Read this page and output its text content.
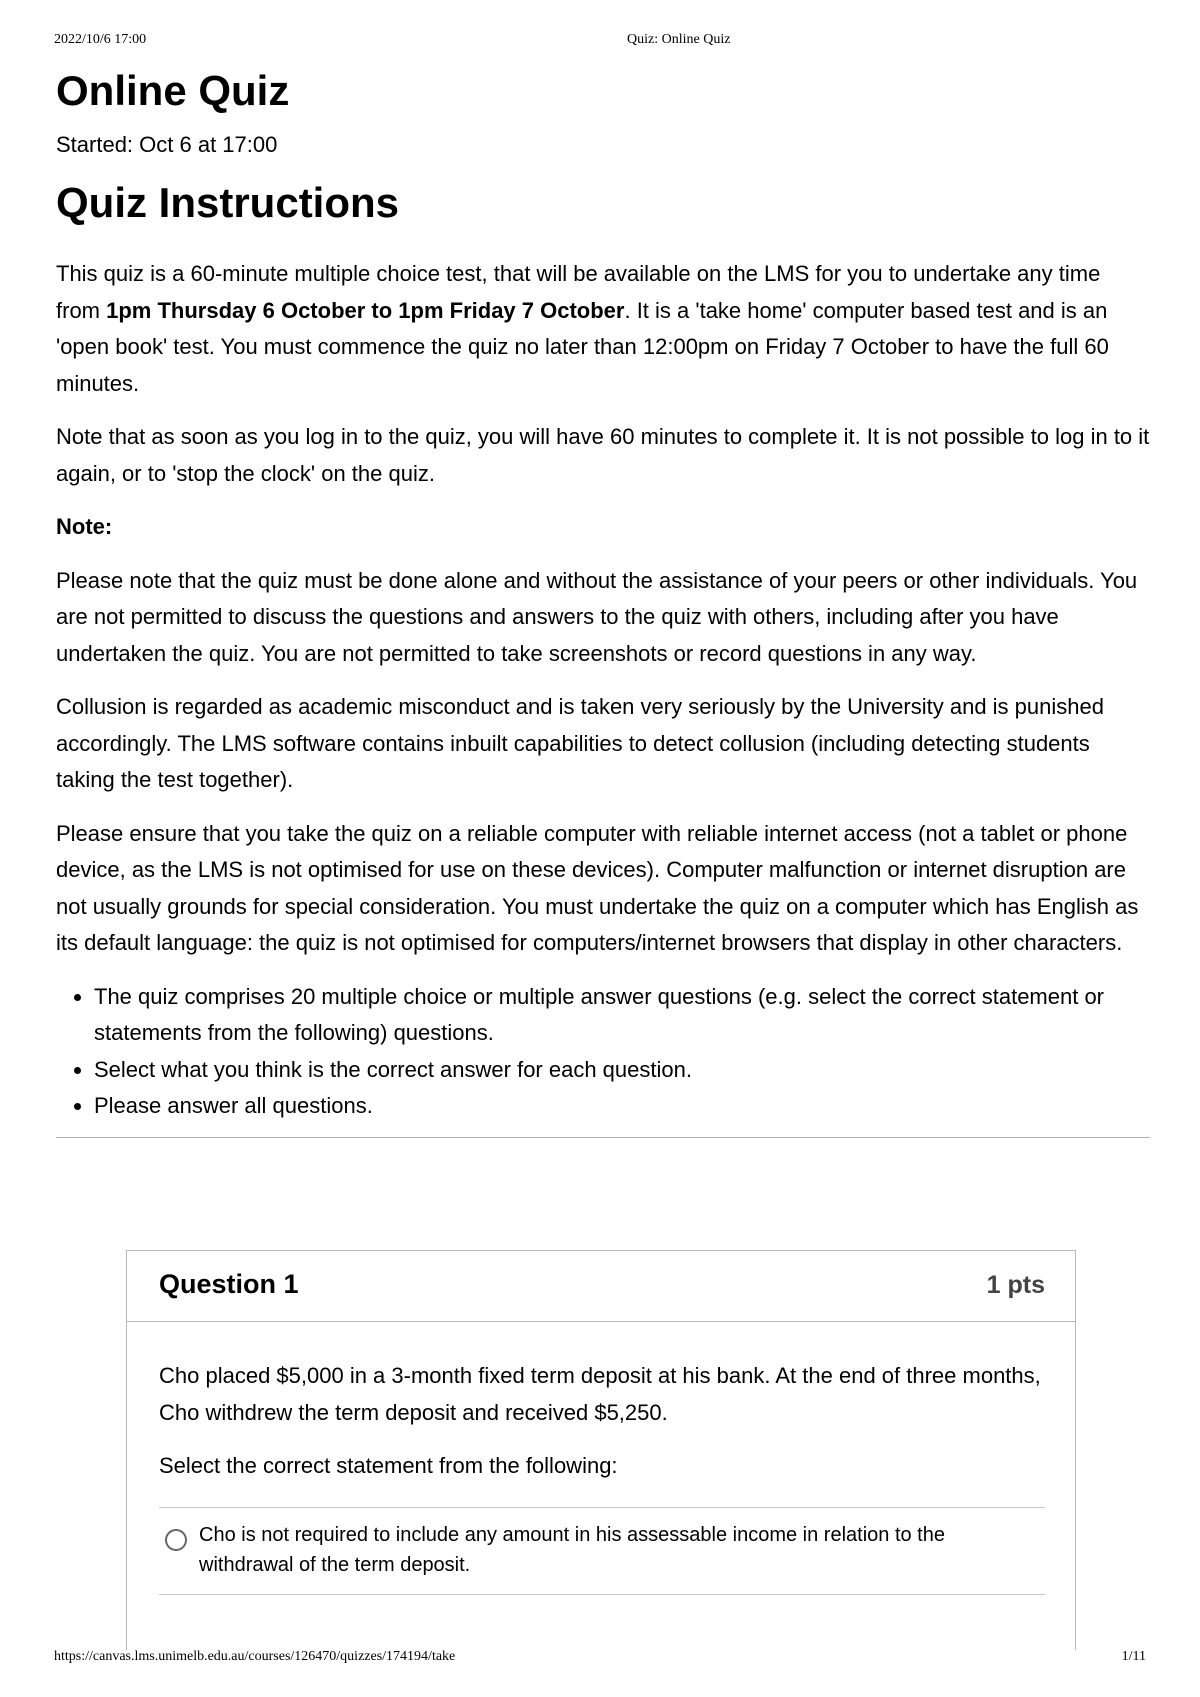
2022/10/6 17:00	Quiz: Online Quiz
Online Quiz
Started: Oct 6 at 17:00
Quiz Instructions

This quiz is a 60-minute multiple choice test, that will be available on the LMS for you to undertake any time from 1pm Thursday 6 October to 1pm Friday 7 October. It is a 'take home' computer based test and is an 'open book' test. You must commence the quiz no later than 12:00pm on Friday 7 October to have the full 60 minutes.

Note that as soon as you log in to the quiz, you will have 60 minutes to complete it. It is not possible to log in to it again, or to 'stop the clock' on the quiz.

Note:

Please note that the quiz must be done alone and without the assistance of your peers or other individuals. You are not permitted to discuss the questions and answers to the quiz with others, including after you have undertaken the quiz. You are not permitted to take screenshots or record questions in any way.

Collusion is regarded as academic misconduct and is taken very seriously by the University and is punished accordingly. The LMS software contains inbuilt capabilities to detect collusion (including detecting students taking the test together).

Please ensure that you take the quiz on a reliable computer with reliable internet access (not a tablet or phone device, as the LMS is not optimised for use on these devices). Computer malfunction or internet disruption are not usually grounds for special consideration. You must undertake the quiz on a computer which has English as its default language: the quiz is not optimised for computers/internet browsers that display in other characters.

• The quiz comprises 20 multiple choice or multiple answer questions (e.g. select the correct statement or statements from the following) questions.
• Select what you think is the correct answer for each question.
• Please answer all questions.
Question 1	1 pts

Cho placed $5,000 in a 3-month fixed term deposit at his bank. At the end of three months, Cho withdrew the term deposit and received $5,250.

Select the correct statement from the following:

Cho is not required to include any amount in his assessable income in relation to the withdrawal of the term deposit.
https://canvas.lms.unimelb.edu.au/courses/126470/quizzes/174194/take	1/11
